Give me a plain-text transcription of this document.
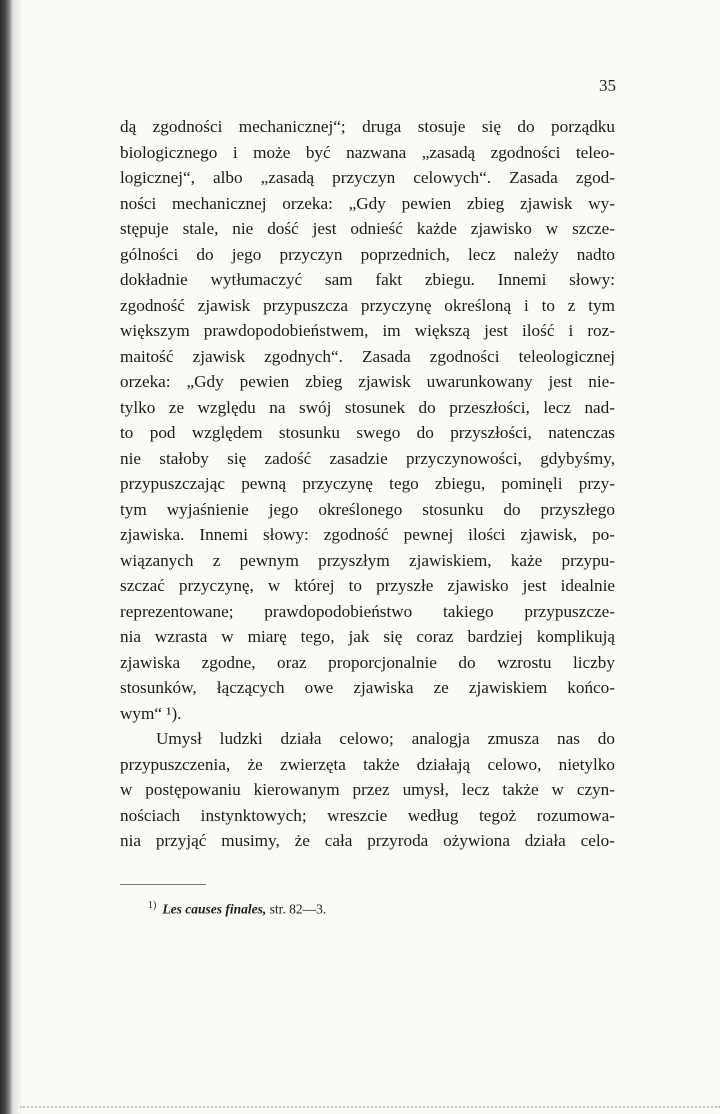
35
dą zgodności mechanicznej“; druga stosuje się do porządku
biologicznego i może być nazwana „zasadą zgodności teleo-
logicznej“, albo „zasadą przyczyn celowych“. Zasada zgod-
ności mechanicznej orzeka: „Gdy pewien zbieg zjawisk wy-
stępuje stale, nie dość jest odnieść każde zjawisko w szcze-
gólności do jego przyczyn poprzednich, lecz należy nadto
dokładnie wytłumaczyć sam fakt zbiegu. Innemi słowy:
zgodność zjawisk przypuszcza przyczynę określoną i to z tym
większym prawdopodobieństwem, im większą jest ilość i roz-
maitość zjawisk zgodnych“. Zasada zgodności teleologicznej
orzeka: „Gdy pewien zbieg zjawisk uwarunkowany jest nie-
tylko ze względu na swój stosunek do przeszłości, lecz nad-
to pod względem stosunku swego do przyszłości, natenczas
nie stałoby się zadość zasadzie przyczynowości, gdybyśmy,
przypuszczając pewną przyczynę tego zbiegu, pominęli przy-
tym wyjaśnienie jego określonego stosunku do przyszłego
zjawiska. Innemi słowy: zgodność pewnej ilości zjawisk, po-
wiązanych z pewnym przyszłym zjawiskiem, każe przypu-
szczać przyczynę, w której to przyszłe zjawisko jest idealnie
reprezentowane; prawdopodobieństwo takiego przypuszcze-
nia wzrasta w miarę tego, jak się coraz bardziej komplikują
zjawiska zgodne, oraz proporcjonalnie do wzrostu liczby
stosunków, łączących owe zjawiska ze zjawiskiem końco-
wym“ ¹).
Umysł ludzki działa celowo; analogja zmusza nas do
przypuszczenia, że zwierzęta także działają celowo, nietylko
w postępowaniu kierowanym przez umysł, lecz także w czyn-
nościach instynktowych; wreszcie według tegoż rozumowa-
nia przyjąć musimy, że cała przyroda ożywiona działa celo-
$^{1)}$ Les causes finales, str. 82—3.
